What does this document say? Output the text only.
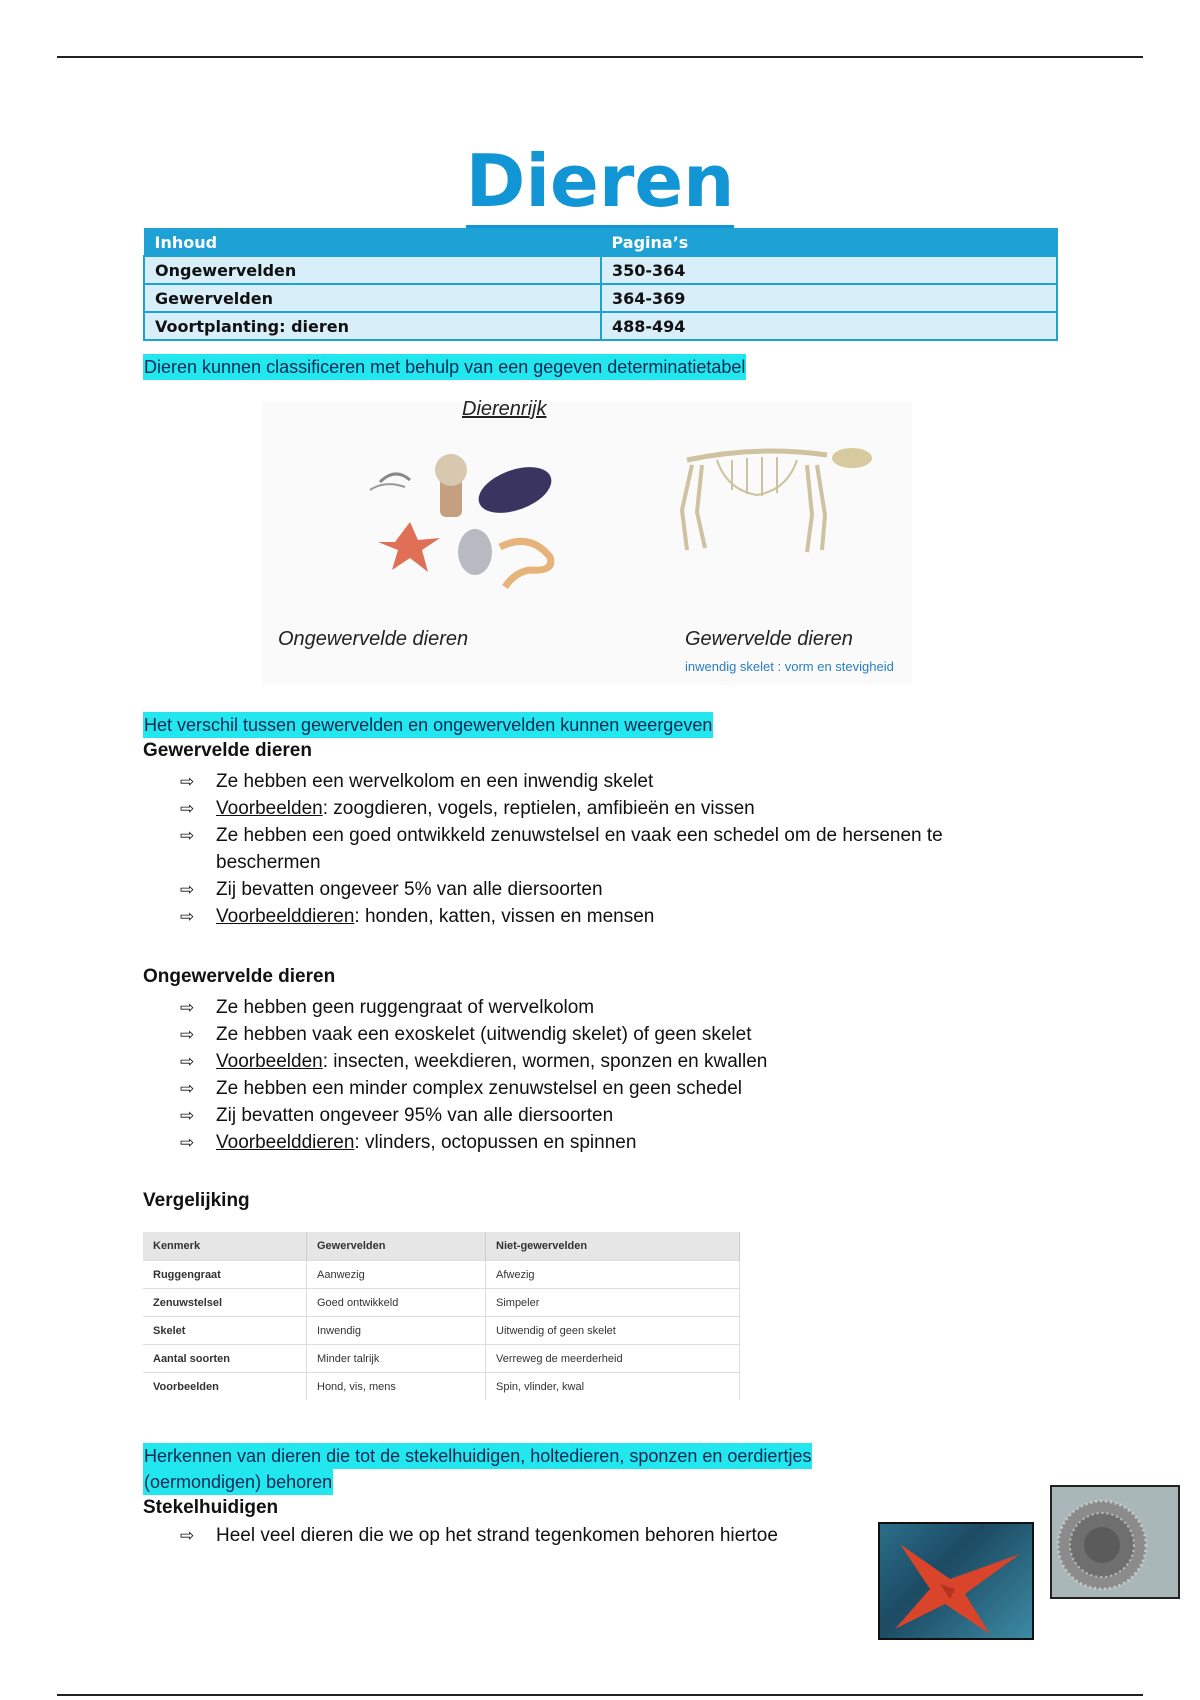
Dieren
Inhoud	Pagina’s
Ongewervelden	350-364
Gewervelden	364-369
Voortplanting: dieren	488-494
Dieren kunnen classificeren met behulp van een gegeven determinatietabel
Dierenrijk
Ongewervelde dieren	Gewervelde dieren
inwendig skelet : vorm en stevigheid
Het verschil tussen gewervelden en ongewervelden kunnen weergeven
Gewervelde dieren
⇨ Ze hebben een wervelkolom en een inwendig skelet
⇨ Voorbeelden: zoogdieren, vogels, reptielen, amfibieën en vissen
⇨ Ze hebben een goed ontwikkeld zenuwstelsel en vaak een schedel om de hersenen te beschermen
⇨ Zij bevatten ongeveer 5% van alle diersoorten
⇨ Voorbeelddieren: honden, katten, vissen en mensen
Ongewervelde dieren
⇨ Ze hebben geen ruggengraat of wervelkolom
⇨ Ze hebben vaak een exoskelet (uitwendig skelet) of geen skelet
⇨ Voorbeelden: insecten, weekdieren, wormen, sponzen en kwallen
⇨ Ze hebben een minder complex zenuwstelsel en geen schedel
⇨ Zij bevatten ongeveer 95% van alle diersoorten
⇨ Voorbeelddieren: vlinders, octopussen en spinnen
Vergelijking
Kenmerk	Gewervelden	Niet-gewervelden
Ruggengraat	Aanwezig	Afwezig
Zenuwstelsel	Goed ontwikkeld	Simpeler
Skelet	Inwendig	Uitwendig of geen skelet
Aantal soorten	Minder talrijk	Verreweg de meerderheid
Voorbeelden	Hond, vis, mens	Spin, vlinder, kwal
Herkennen van dieren die tot de stekelhuidigen, holtedieren, sponzen en oerdiertjes
(oermondigen) behoren
Stekelhuidigen
⇨ Heel veel dieren die we op het strand tegenkomen behoren hiertoe
